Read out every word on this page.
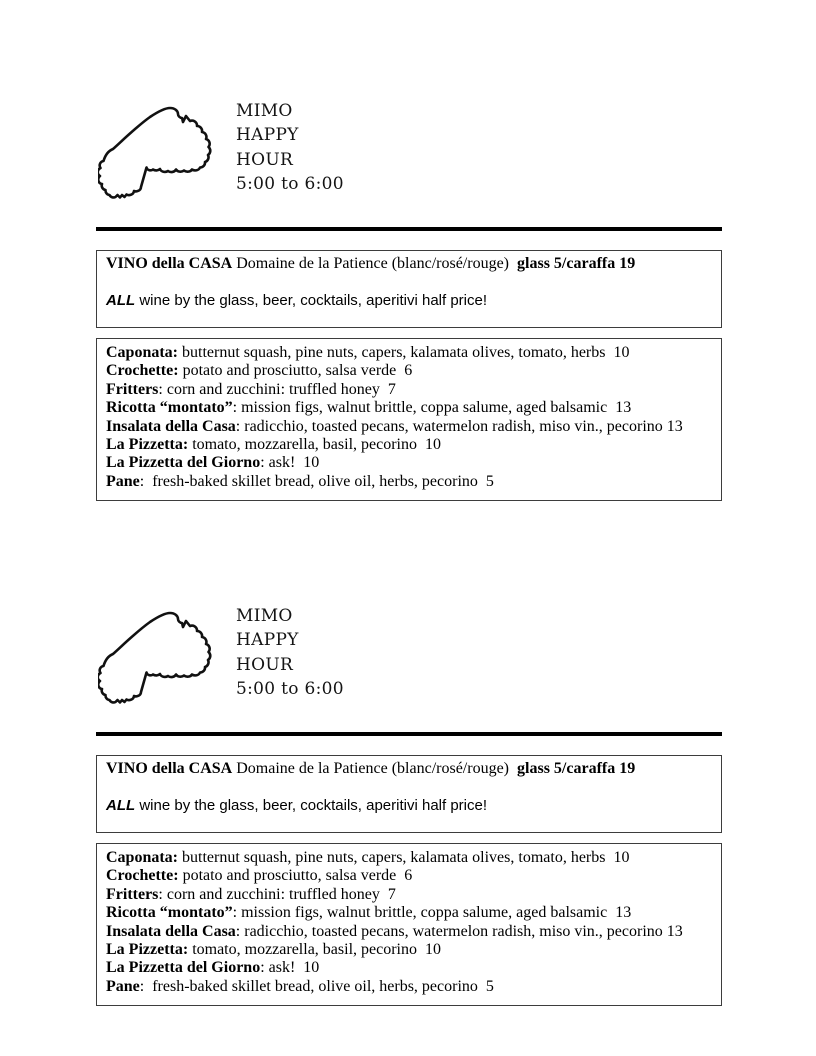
MIMO
HAPPY
HOUR
5:00 to 6:00

VINO della CASA Domaine de la Patience (blanc/rosé/rouge)  glass 5/caraffa 19

ALL wine by the glass, beer, cocktails, aperitivi half price!

Caponata: butternut squash, pine nuts, capers, kalamata olives, tomato, herbs  10

Crochette: potato and prosciutto, salsa verde  6

Fritters: corn and zucchini: truffled honey  7

Ricotta “montato”: mission figs, walnut brittle, coppa salume, aged balsamic  13

Insalata della Casa: radicchio, toasted pecans, watermelon radish, miso vin., pecorino 13

La Pizzetta: tomato, mozzarella, basil, pecorino  10

La Pizzetta del Giorno: ask!  10

Pane:  fresh-baked skillet bread, olive oil, herbs, pecorino  5

MIMO
HAPPY
HOUR
5:00 to 6:00

VINO della CASA Domaine de la Patience (blanc/rosé/rouge)  glass 5/caraffa 19

ALL wine by the glass, beer, cocktails, aperitivi half price!

Caponata: butternut squash, pine nuts, capers, kalamata olives, tomato, herbs  10

Crochette: potato and prosciutto, salsa verde  6

Fritters: corn and zucchini: truffled honey  7

Ricotta “montato”: mission figs, walnut brittle, coppa salume, aged balsamic  13

Insalata della Casa: radicchio, toasted pecans, watermelon radish, miso vin., pecorino 13

La Pizzetta: tomato, mozzarella, basil, pecorino  10

La Pizzetta del Giorno: ask!  10

Pane:  fresh-baked skillet bread, olive oil, herbs, pecorino  5
